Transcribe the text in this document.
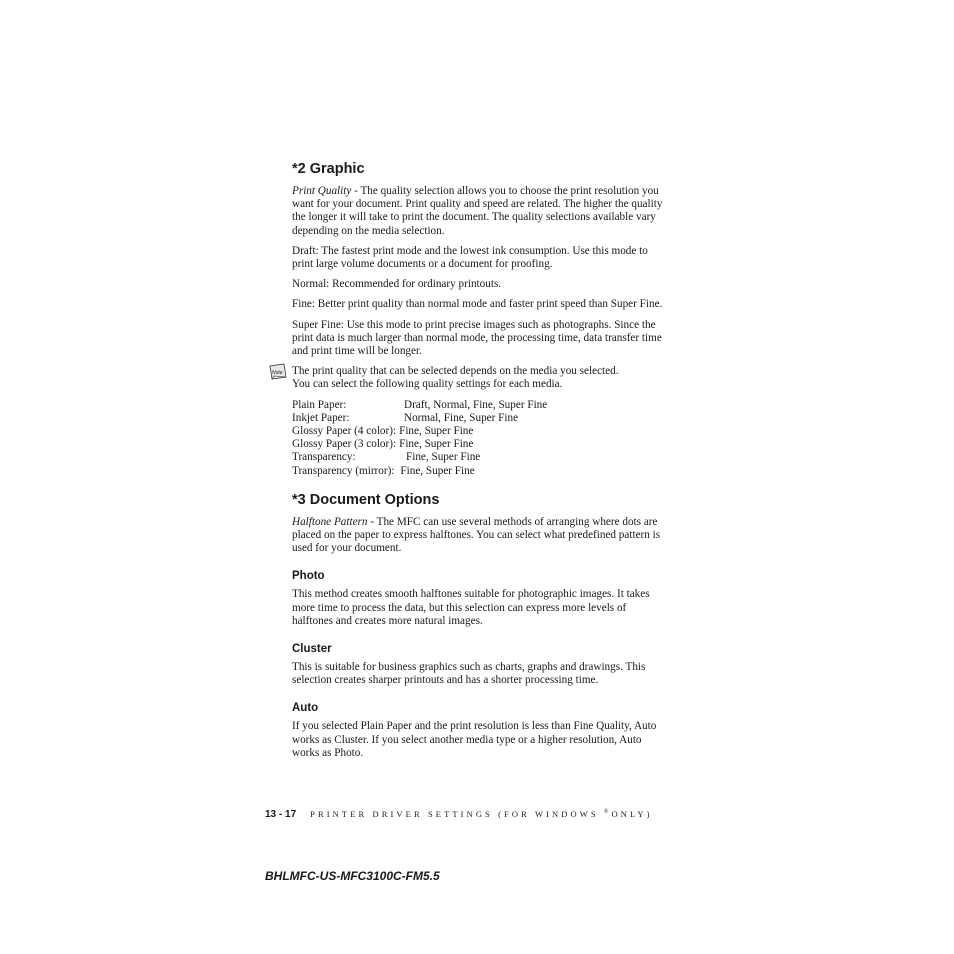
*2 Graphic

Print Quality - The quality selection allows you to choose the print resolution you want for your document. Print quality and speed are related. The higher the quality the longer it will take to print the document. The quality selections available vary depending on the media selection.

Draft: The fastest print mode and the lowest ink consumption. Use this mode to print large volume documents or a document for proofing.

Normal: Recommended for ordinary printouts.

Fine: Better print quality than normal mode and faster print speed than Super Fine.

Super Fine: Use this mode to print precise images such as photographs. Since the print data is much larger than normal mode, the processing time, data transfer time and print time will be longer.

Note The print quality that can be selected depends on the media you selected.
You can select the following quality settings for each media.
Plain Paper:	Draft, Normal, Fine, Super Fine
Inkjet Paper:	Normal, Fine, Super Fine
Glossy Paper (4 color): Fine, Super Fine
Glossy Paper (3 color): Fine, Super Fine
Transparency:	Fine, Super Fine
Transparency (mirror): Fine, Super Fine
*3 Document Options

Halftone Pattern - The MFC can use several methods of arranging where dots are placed on the paper to express halftones. You can select what predefined pattern is used for your document.

Photo

This method creates smooth halftones suitable for photographic images. It takes more time to process the data, but this selection can express more levels of halftones and creates more natural images.

Cluster

This is suitable for business graphics such as charts, graphs and drawings. This selection creates sharper printouts and has a shorter processing time.

Auto

If you selected Plain Paper and the print resolution is less than Fine Quality, Auto works as Cluster. If you select another media type or a higher resolution, Auto works as Photo.

13 - 17 PRINTER DRIVER SETTINGS (FOR WINDOWS ® ONLY)
BHLMFC-US-MFC3100C-FM5.5
